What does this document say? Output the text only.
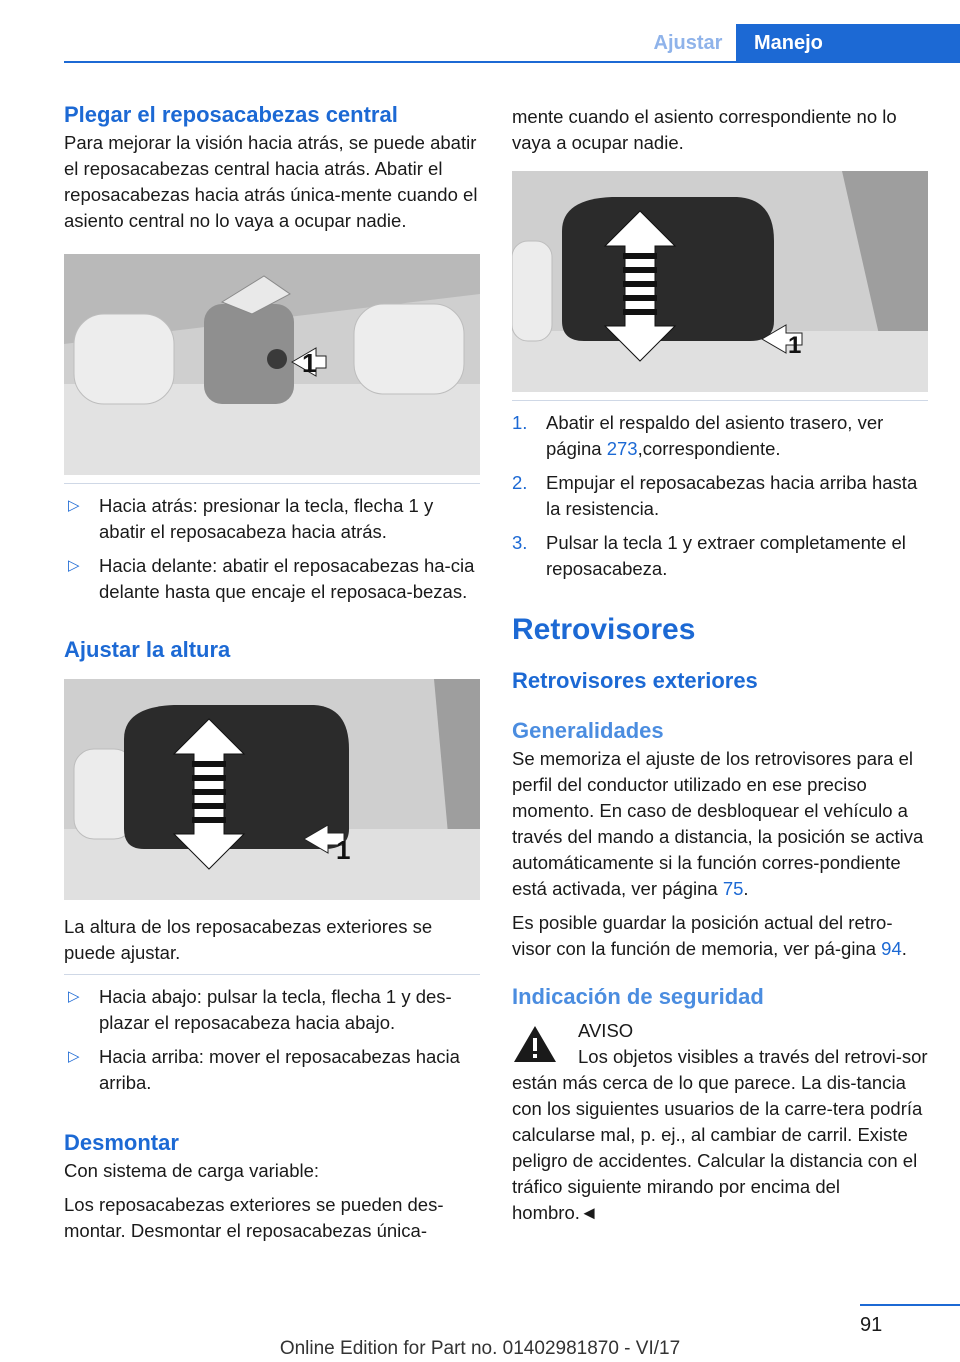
Ajustar	Manejo
Plegar el reposacabezas central

Para mejorar la visión hacia atrás, se puede abatir el reposacabezas central hacia atrás. Abatir el reposacabezas hacia atrás única‐mente cuando el asiento central no lo vaya a ocupar nadie.

1
▷ Hacia atrás: presionar la tecla, flecha 1 y abatir el reposacabeza hacia atrás.
▷ Hacia delante: abatir el reposacabezas ha‐cia delante hasta que encaje el reposaca‐bezas.
Ajustar la altura
1

La altura de los reposacabezas exteriores se puede ajustar.

▷ Hacia abajo: pulsar la tecla, flecha 1 y des‐plazar el reposacabeza hacia abajo.
▷ Hacia arriba: mover el reposacabezas hacia arriba.
Desmontar

Con sistema de carga variable:

Los reposacabezas exteriores se pueden des‐montar. Desmontar el reposacabezas única‐

mente cuando el asiento correspondiente no lo vaya a ocupar nadie.

1
1. Abatir el respaldo del asiento trasero, ver página 273,correspondiente.
2. Empujar el reposacabezas hacia arriba hasta la resistencia.
3. Pulsar la tecla 1 y extraer completamente el reposacabeza.
Retrovisores
Retrovisores exteriores
Generalidades

Se memoriza el ajuste de los retrovisores para el perfil del conductor utilizado en ese preciso momento. En caso de desbloquear el vehículo a través del mando a distancia, la posición se activa automáticamente si la función corres‐pondiente está activada, ver página 75.

Es posible guardar la posición actual del retro‐visor con la función de memoria, ver pá‐gina 94.

Indicación de seguridad

AVISO

Los objetos visibles a través del retrovi‐sor están más cerca de lo que parece. La dis‐tancia con los siguientes usuarios de la carre‐tera podría calcularse mal, p. ej., al cambiar de carril. Existe peligro de accidentes. Calcular la distancia con el tráfico siguiente mirando por encima del hombro.◄

91
Online Edition for Part no. 01402981870 - VI/17
